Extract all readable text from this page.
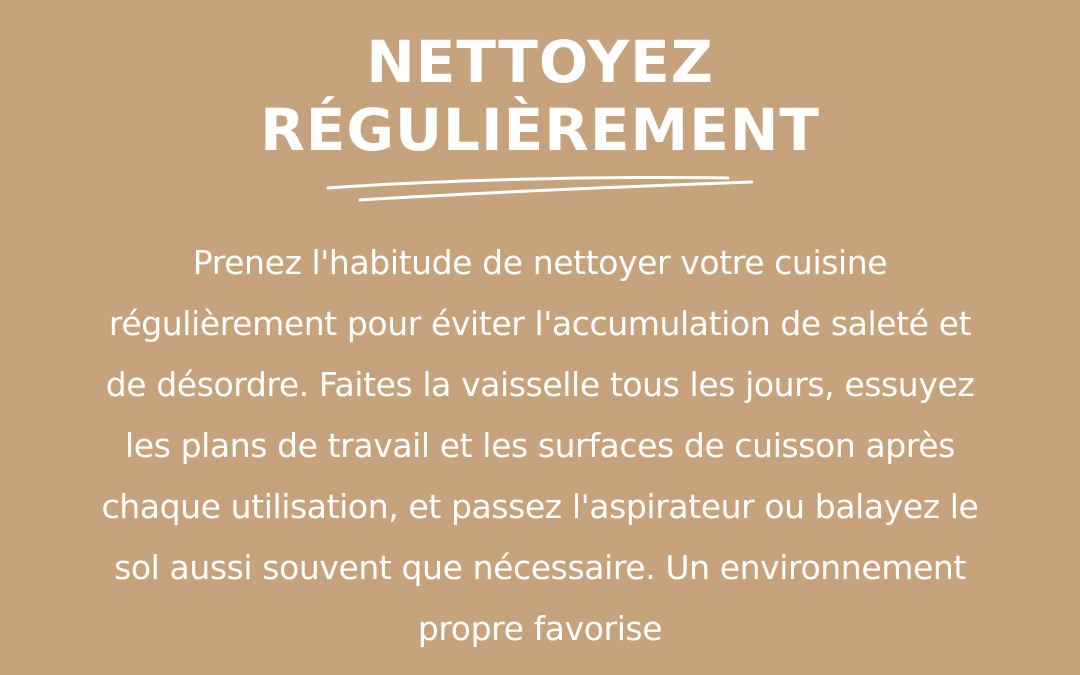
NETTOYEZ
RÉGULIÈREMENT

Prenez l'habitude de nettoyer votre cuisine régulièrement pour éviter l'accumulation de saleté et de désordre. Faites la vaisselle tous les jours, essuyez les plans de travail et les surfaces de cuisson après chaque utilisation, et passez l'aspirateur ou balayez le sol aussi souvent que nécessaire. Un environnement propre favorise
